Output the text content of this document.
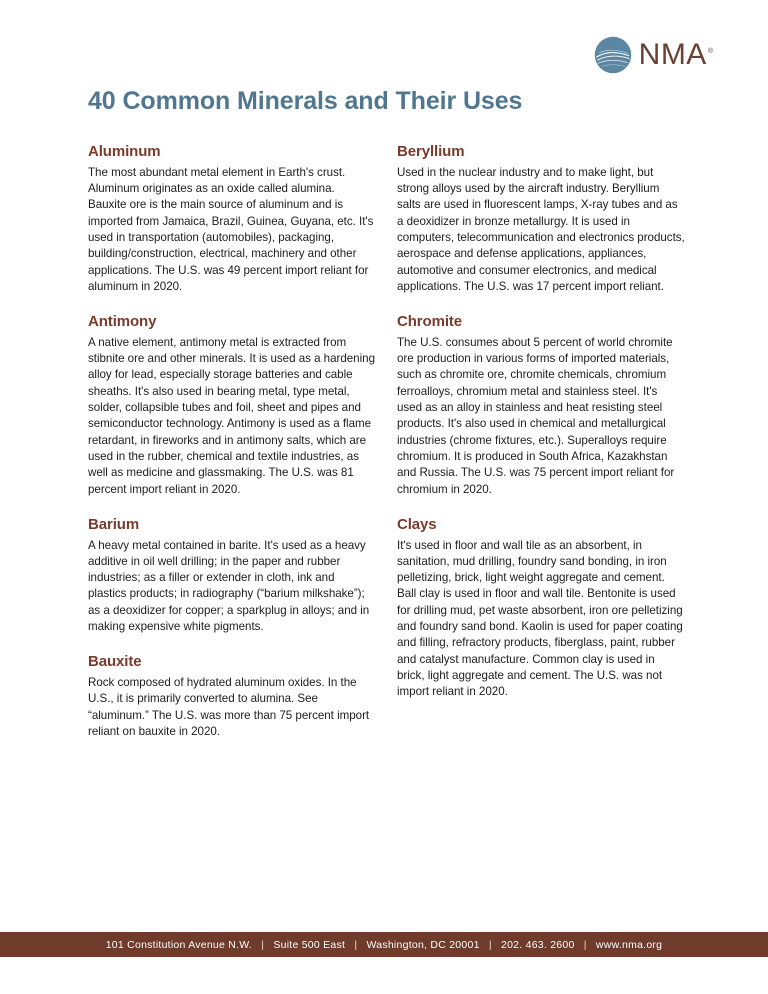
NMA®
40 Common Minerals and Their Uses
Aluminum

The most abundant metal element in Earth's crust. Aluminum originates as an oxide called alumina. Bauxite ore is the main source of aluminum and is imported from Jamaica, Brazil, Guinea, Guyana, etc. It's used in transportation (automobiles), packaging, building/construction, electrical, machinery and other applications. The U.S. was 49 percent import reliant for aluminum in 2020.

Antimony

A native element, antimony metal is extracted from stibnite ore and other minerals. It is used as a hardening alloy for lead, especially storage batteries and cable sheaths. It's also used in bearing metal, type metal, solder, collapsible tubes and foil, sheet and pipes and semiconductor technology. Antimony is used as a flame retardant, in fireworks and in antimony salts, which are used in the rubber, chemical and textile industries, as well as medicine and glassmaking. The U.S. was 81 percent import reliant in 2020.

Barium

A heavy metal contained in barite. It's used as a heavy additive in oil well drilling; in the paper and rubber industries; as a filler or extender in cloth, ink and plastics products; in radiography (“barium milkshake”); as a deoxidizer for copper; a sparkplug in alloys; and in making expensive white pigments.

Bauxite

Rock composed of hydrated aluminum oxides. In the U.S., it is primarily converted to alumina. See “aluminum.” The U.S. was more than 75 percent import reliant on bauxite in 2020.

Beryllium

Used in the nuclear industry and to make light, but strong alloys used by the aircraft industry. Beryllium salts are used in fluorescent lamps, X-ray tubes and as a deoxidizer in bronze metallurgy. It is used in computers, telecommunication and electronics products, aerospace and defense applications, appliances, automotive and consumer electronics, and medical applications. The U.S. was 17 percent import reliant.

Chromite

The U.S. consumes about 5 percent of world chromite ore production in various forms of imported materials, such as chromite ore, chromite chemicals, chromium ferroalloys, chromium metal and stainless steel. It's used as an alloy in stainless and heat resisting steel products. It's also used in chemical and metallurgical industries (chrome fixtures, etc.). Superalloys require chromium. It is produced in South Africa, Kazakhstan and Russia. The U.S. was 75 percent import reliant for chromium in 2020.

Clays

It's used in floor and wall tile as an absorbent, in sanitation, mud drilling, foundry sand bonding, in iron pelletizing, brick, light weight aggregate and cement. Ball clay is used in floor and wall tile. Bentonite is used for drilling mud, pet waste absorbent, iron ore pelletizing and foundry sand bond. Kaolin is used for paper coating and filling, refractory products, fiberglass, paint, rubber and catalyst manufacture. Common clay is used in brick, light aggregate and cement. The U.S. was not import reliant in 2020.

101 Constitution Avenue N.W. | Suite 500 East | Washington, DC 20001 | 202. 463. 2600 | www.nma.org
